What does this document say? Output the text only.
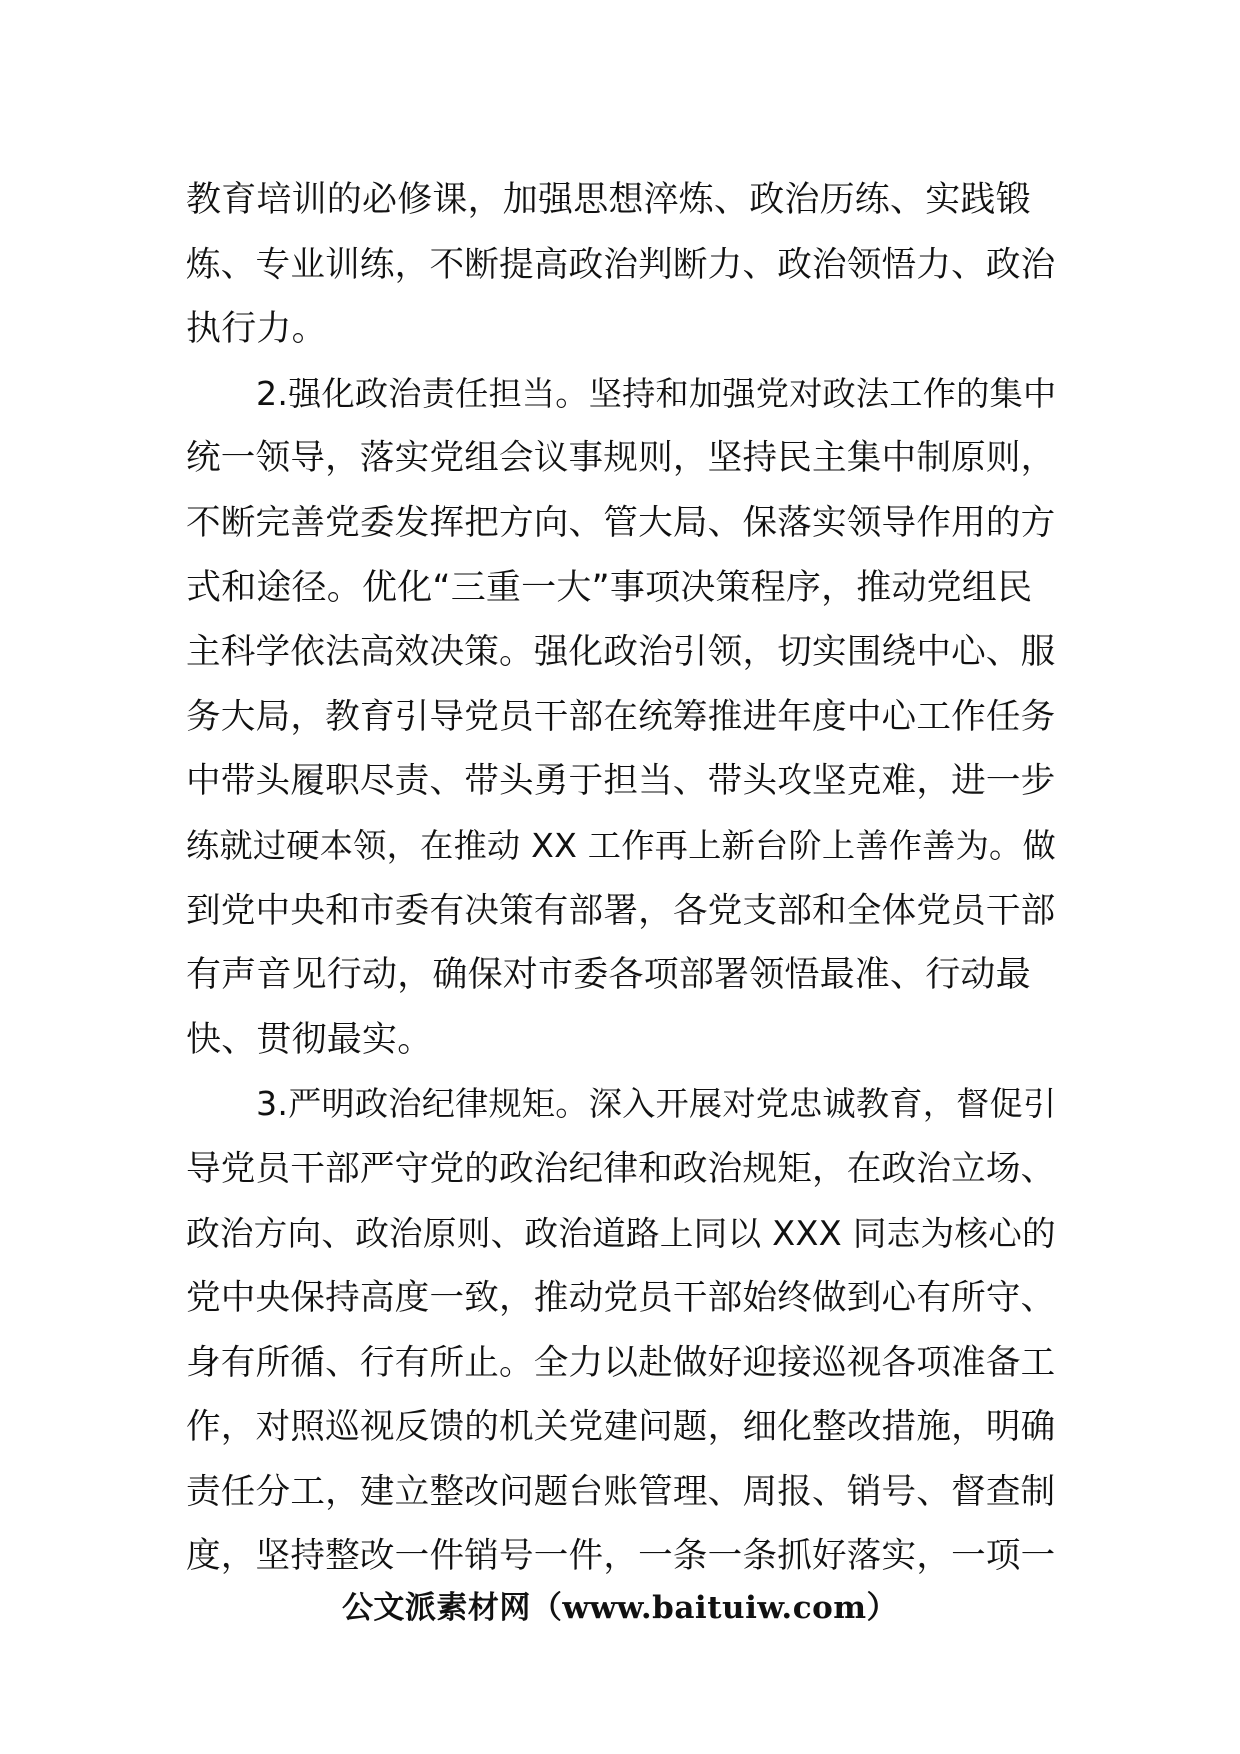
教育培训的必修课，加强思想淬炼、政治历练、实践锻
炼、专业训练，不断提高政治判断力、政治领悟力、政治
执行力。
2.强化政治责任担当。坚持和加强党对政法工作的集中
统一领导，落实党组会议事规则，坚持民主集中制原则，
不断完善党委发挥把方向、管大局、保落实领导作用的方
式和途径。优化“三重一大”事项决策程序，推动党组民
主科学依法高效决策。强化政治引领，切实围绕中心、服
务大局，教育引导党员干部在统筹推进年度中心工作任务
中带头履职尽责、带头勇于担当、带头攻坚克难，进一步
练就过硬本领，在推动 XX 工作再上新台阶上善作善为。做
到党中央和市委有决策有部署，各党支部和全体党员干部
有声音见行动，确保对市委各项部署领悟最准、行动最
快、贯彻最实。
3.严明政治纪律规矩。深入开展对党忠诚教育，督促引
导党员干部严守党的政治纪律和政治规矩，在政治立场、
政治方向、政治原则、政治道路上同以 XXX 同志为核心的
党中央保持高度一致，推动党员干部始终做到心有所守、
身有所循、行有所止。全力以赴做好迎接巡视各项准备工
作，对照巡视反馈的机关党建问题，细化整改措施，明确
责任分工，建立整改问题台账管理、周报、销号、督查制
度，坚持整改一件销号一件，一条一条抓好落实，一项一
公文派素材网（www.baituiw.com）
